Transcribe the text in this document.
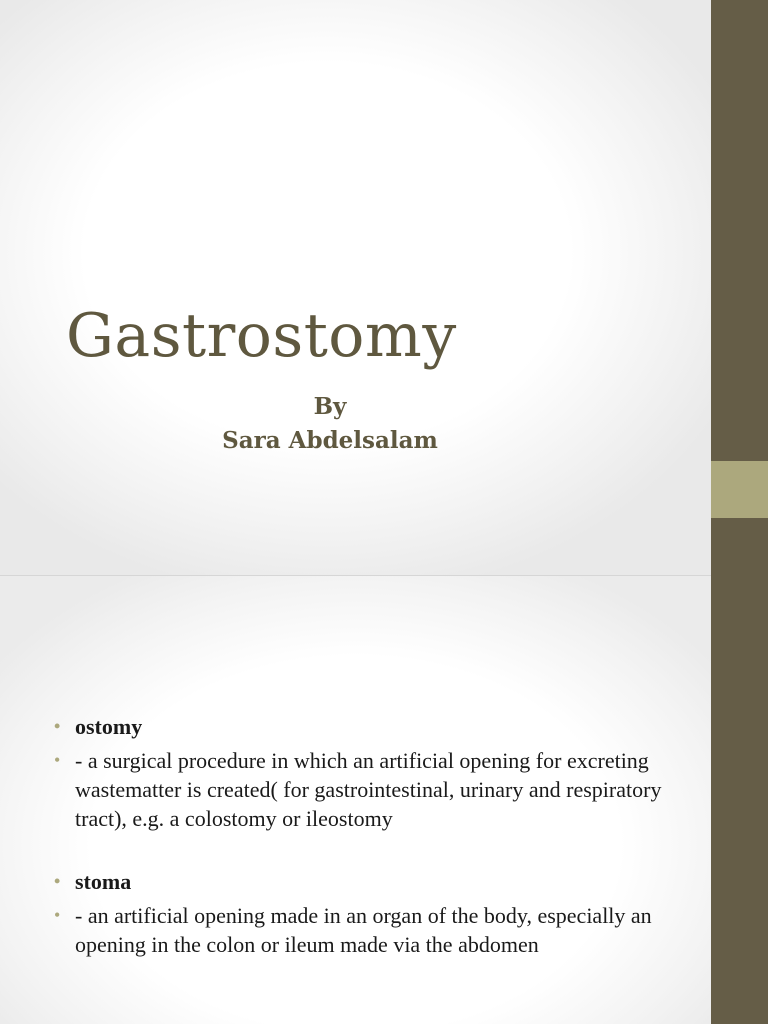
Gastrostomy
By
Sara Abdelsalam
• ostomy
• - a surgical procedure in which an artificial opening for excreting wastematter is created( for gastrointestinal, urinary and respiratory tract), e.g. a colostomy or ileostomy
• stoma
• - an artificial opening made in an organ of the body, especially an opening in the colon or ileum made via the abdomen
